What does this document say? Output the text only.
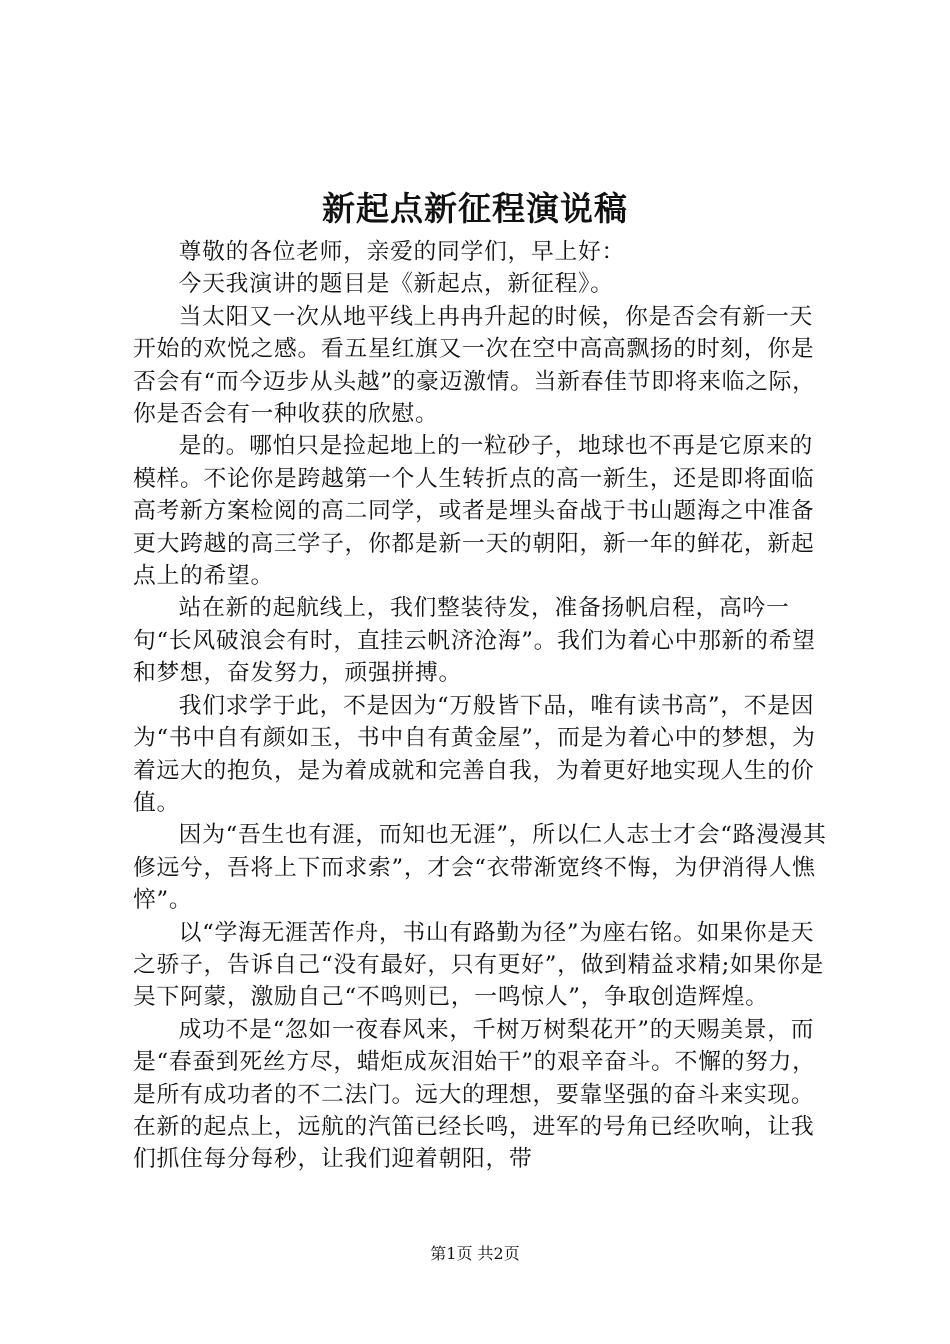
新起点新征程演说稿

尊敬的各位老师，亲爱的同学们，早上好：

今天我演讲的题目是《新起点，新征程》。

当太阳又一次从地平线上冉冉升起的时候，你是否会有新一天开始的欢悦之感。看五星红旗又一次在空中高高飘扬的时刻，你是否会有“而今迈步从头越”的豪迈激情。当新春佳节即将来临之际，你是否会有一种收获的欣慰。

是的。哪怕只是捡起地上的一粒砂子，地球也不再是它原来的模样。不论你是跨越第一个人生转折点的高一新生，还是即将面临高考新方案检阅的高二同学，或者是埋头奋战于书山题海之中准备更大跨越的高三学子，你都是新一天的朝阳，新一年的鲜花，新起点上的希望。

站在新的起航线上，我们整装待发，准备扬帆启程，高吟一句“长风破浪会有时，直挂云帆济沧海”。我们为着心中那新的希望和梦想，奋发努力，顽强拼搏。

我们求学于此，不是因为“万般皆下品，唯有读书高”，不是因为“书中自有颜如玉，书中自有黄金屋”，而是为着心中的梦想，为着远大的抱负，是为着成就和完善自我，为着更好地实现人生的价值。

因为“吾生也有涯，而知也无涯”，所以仁人志士才会“路漫漫其修远兮，吾将上下而求索”，才会“衣带渐宽终不悔，为伊消得人憔悴”。

以“学海无涯苦作舟，书山有路勤为径”为座右铭。如果你是天之骄子，告诉自己“没有最好，只有更好”，做到精益求精;如果你是吴下阿蒙，激励自己“不鸣则已，一鸣惊人”，争取创造辉煌。

成功不是“忽如一夜春风来，千树万树梨花开”的天赐美景，而是“春蚕到死丝方尽，蜡炬成灰泪始干”的艰辛奋斗。不懈的努力，是所有成功者的不二法门。远大的理想，要靠坚强的奋斗来实现。在新的起点上，远航的汽笛已经长鸣，进军的号角已经吹响，让我们抓住每分每秒，让我们迎着朝阳，带

第1页 共2页
